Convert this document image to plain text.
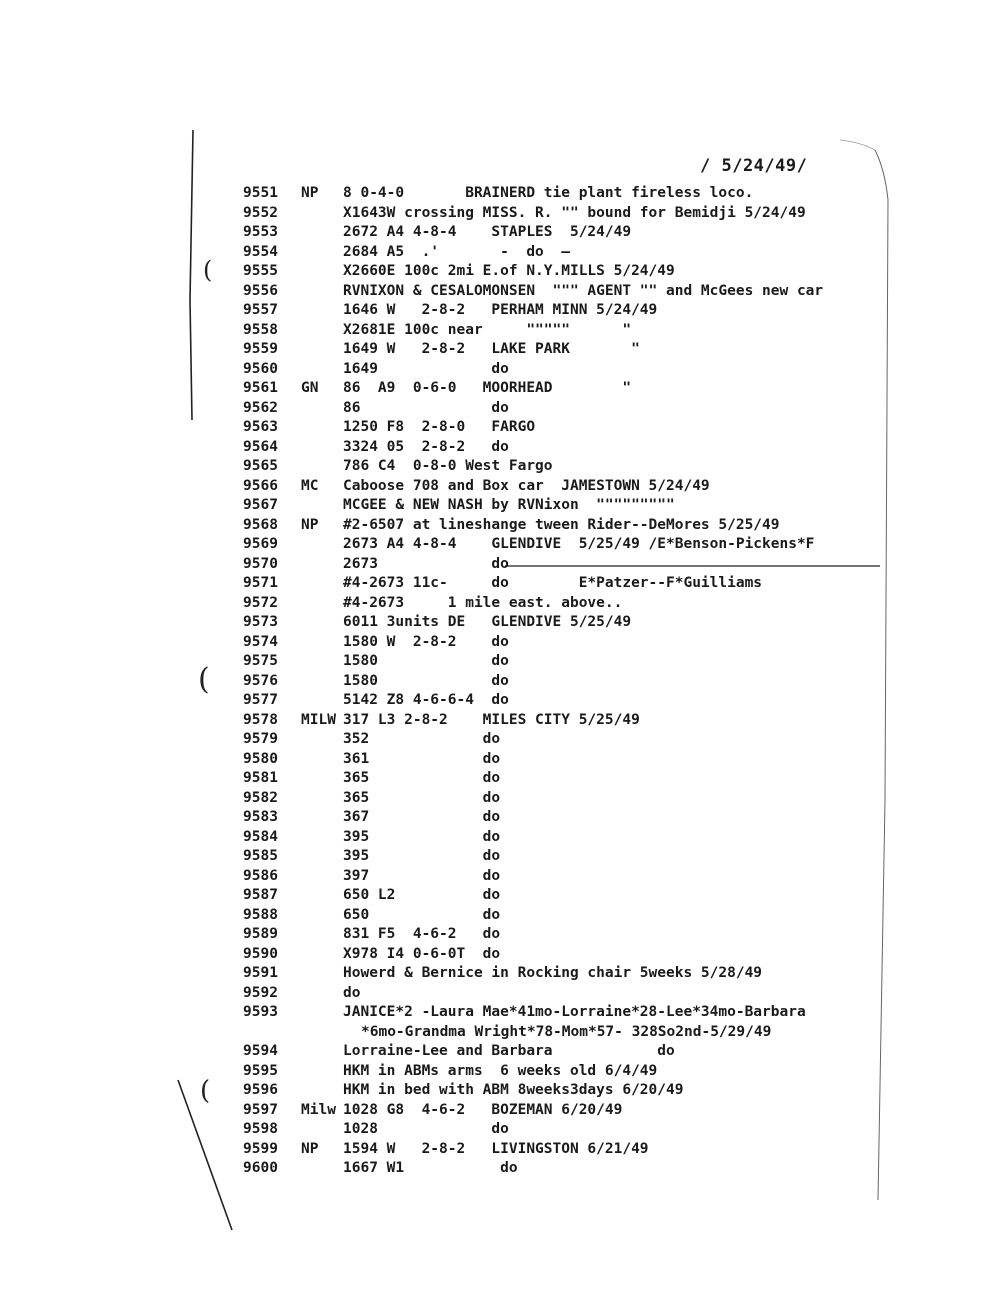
(
(
(
/ 5/24/49/
9551 NP 8 0-4-0       BRAINERD tie plant fireless loco.
9552	X1643W crossing MISS. R. "" bound for Bemidji 5/24/49
9553	2672 A4 4-8-4    STAPLES  5/24/49
9554	2684 A5  .'       -  do  —
9555	X2660E 100c 2mi E.of N.Y.MILLS 5/24/49
9556	RVNIXON & CESALOMONSEN  """ AGENT "" and McGees new car
9557	1646 W   2-8-2   PERHAM MINN 5/24/49
9558	X2681E 100c near     """""      "
9559	1649 W   2-8-2   LAKE PARK       "
9560	1649             do
9561 GN 86  A9  0-6-0   MOORHEAD        "
9562	86               do
9563	1250 F8  2-8-0   FARGO
9564	3324 05  2-8-2   do
9565	786 C4  0-8-0 West Fargo
9566 MC Caboose 708 and Box car  JAMESTOWN 5/24/49
9567	MCGEE & NEW NASH by RVNixon  """""""""
9568 NP #2-6507 at lineshange tween Rider--DeMores 5/25/49
9569	2673 A4 4-8-4    GLENDIVE  5/25/49 /E*Benson-Pickens*F
9570	2673             do
9571	#4-2673 11c-     do        E*Patzer--F*Guilliams
9572	#4-2673     1 mile east. above..
9573	6011 3units DE   GLENDIVE 5/25/49
9574	1580 W  2-8-2    do
9575	1580             do
9576	1580             do
9577	5142 Z8 4-6-6-4  do
9578 MILW 317 L3 2-8-2    MILES CITY 5/25/49
9579	352             do
9580	361             do
9581	365             do
9582	365             do
9583	367             do
9584	395             do
9585	395             do
9586	397             do
9587	650 L2          do
9588	650             do
9589	831 F5  4-6-2   do
9590	X978 I4 0-6-0T  do
9591	Howerd & Bernice in Rocking chair 5weeks 5/28/49
9592	do
9593	JANICE*2 -Laura Mae*41mo-Lorraine*28-Lee*34mo-Barbara
*6mo-Grandma Wright*78-Mom*57- 328So2nd-5/29/49
9594	Lorraine-Lee and Barbara            do
9595	HKM in ABMs arms  6 weeks old 6/4/49
9596	HKM in bed with ABM 8weeks3days 6/20/49
9597 Milw 1028 G8  4-6-2   BOZEMAN 6/20/49
9598	1028             do
9599 NP 1594 W   2-8-2   LIVINGSTON 6/21/49
9600	1667 W1           do
